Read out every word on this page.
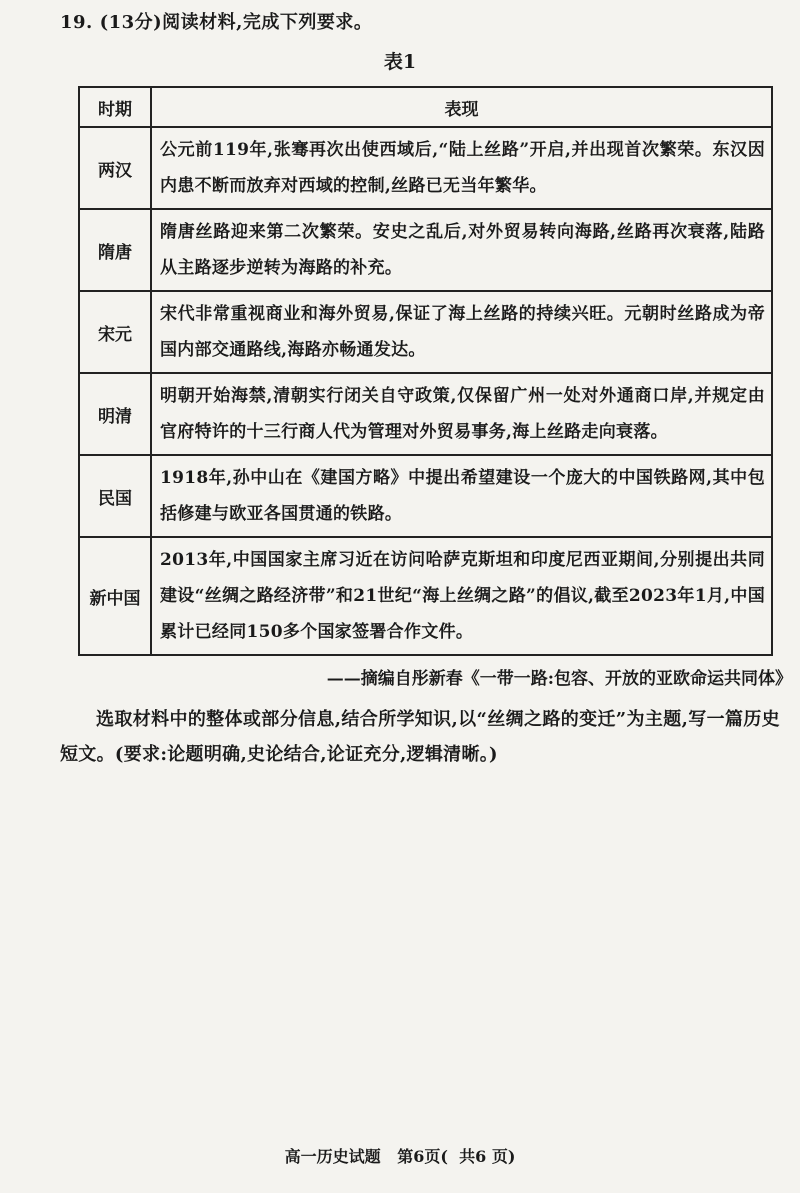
19. (13分)阅读材料,完成下列要求。
表1
时期	表现
两汉	公元前119年,张骞再次出使西域后,“陆上丝路”开启,并出现首次繁荣。东汉因内患不断而放弃对西域的控制,丝路已无当年繁华。
隋唐	隋唐丝路迎来第二次繁荣。安史之乱后,对外贸易转向海路,丝路再次衰落,陆路从主路逐步逆转为海路的补充。
宋元	宋代非常重视商业和海外贸易,保证了海上丝路的持续兴旺。元朝时丝路成为帝国内部交通路线,海路亦畅通发达。
明清	明朝开始海禁,清朝实行闭关自守政策,仅保留广州一处对外通商口岸,并规定由官府特许的十三行商人代为管理对外贸易事务,海上丝路走向衰落。
民国	1918年,孙中山在《建国方略》中提出希望建设一个庞大的中国铁路网,其中包括修建与欧亚各国贯通的铁路。
新中国	2013年,中国国家主席习近在访问哈萨克斯坦和印度尼西亚期间,分别提出共同建设“丝绸之路经济带”和21世纪“海上丝绸之路”的倡议,截至2023年1月,中国累计已经同150多个国家签署合作文件。
——摘编自彤新春《一带一路:包容、开放的亚欧命运共同体》
选取材料中的整体或部分信息,结合所学知识,以“丝绸之路的变迁”为主题,写一篇历史短文。(要求:论题明确,史论结合,论证充分,逻辑清晰。)
高一历史试题   第6页(  共6 页)
